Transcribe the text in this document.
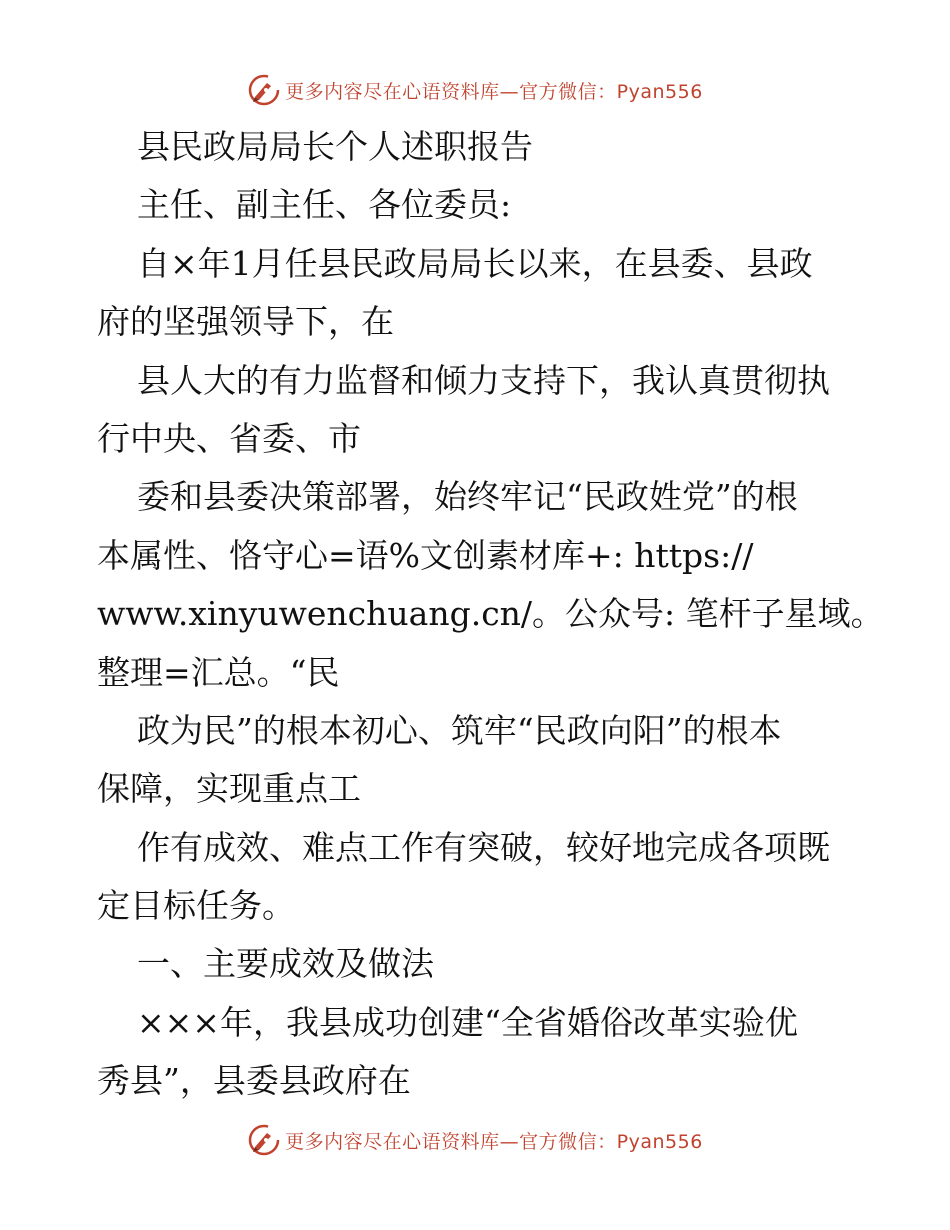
更多内容尽在心语资料库—官方微信：Pyan556
县民政局局长个人述职报告
主任、副主任、各位委员:
自×年1月任县民政局局长以来，在县委、县政
府的坚强领导下，在
县人大的有力监督和倾力支持下，我认真贯彻执
行中央、省委、市
委和县委决策部署，始终牢记“民政姓党”的根
本属性、恪守心=语%文创素材库+: https://
www.xinyuwenchuang.cn/。公众号: 笔杆子星域。
整理=汇总。“民
政为民”的根本初心、筑牢“民政向阳”的根本
保障，实现重点工
作有成效、难点工作有突破，较好地完成各项既
定目标任务。
一、主要成效及做法
×××年，我县成功创建“全省婚俗改革实验优
秀县”，县委县政府在
更多内容尽在心语资料库—官方微信：Pyan556
